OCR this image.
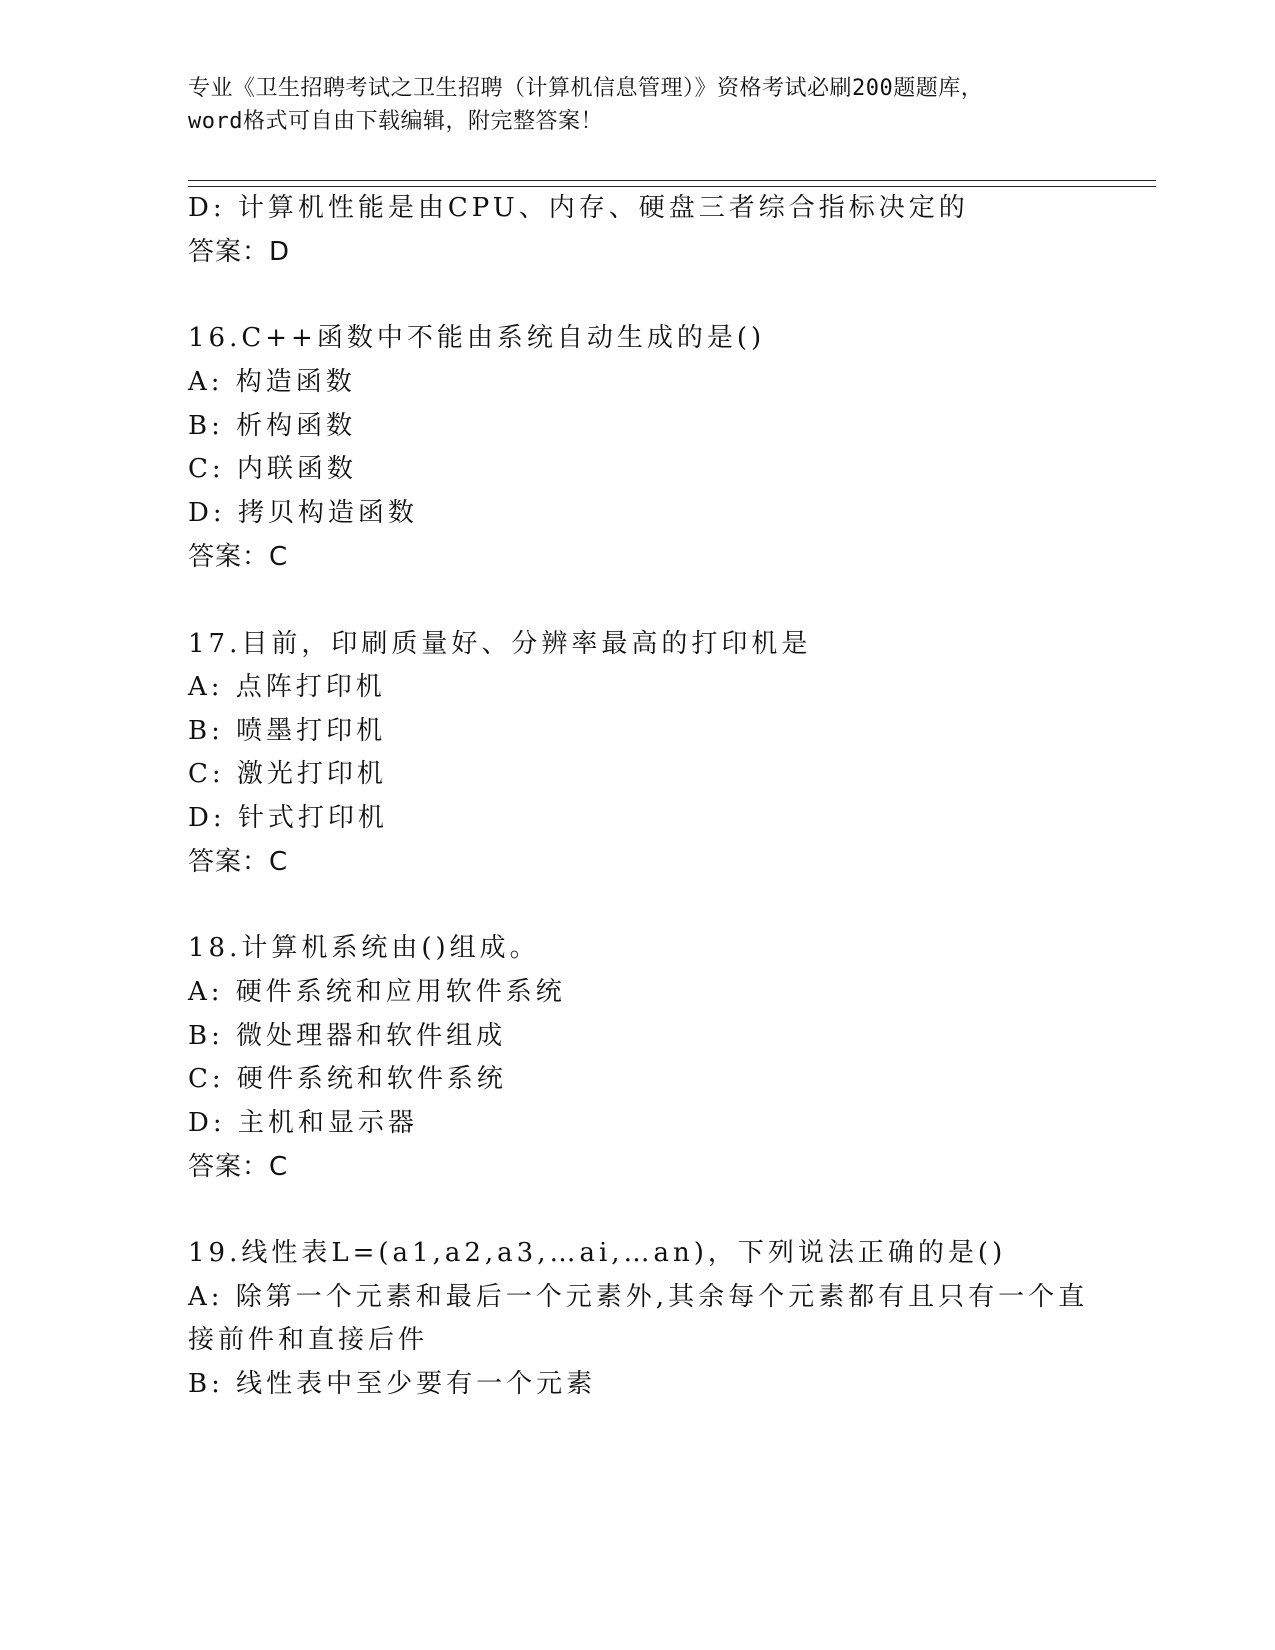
专业《卫生招聘考试之卫生招聘（计算机信息管理）》资格考试必刷200题题库，
word格式可自由下载编辑，附完整答案！
D: 计算机性能是由CPU、内存、硬盘三者综合指标决定的
答案：D
16.C++函数中不能由系统自动生成的是()
A: 构造函数
B: 析构函数
C: 内联函数
D: 拷贝构造函数
答案：C
17.目前，印刷质量好、分辨率最高的打印机是
A: 点阵打印机
B: 喷墨打印机
C: 激光打印机
D: 针式打印机
答案：C
18.计算机系统由()组成。
A: 硬件系统和应用软件系统
B: 微处理器和软件组成
C: 硬件系统和软件系统
D: 主机和显示器
答案：C
19.线性表L=(a1,a2,a3,…ai,…an)，下列说法正确的是()
A: 除第一个元素和最后一个元素外,其余每个元素都有且只有一个直
接前件和直接后件
B: 线性表中至少要有一个元素
